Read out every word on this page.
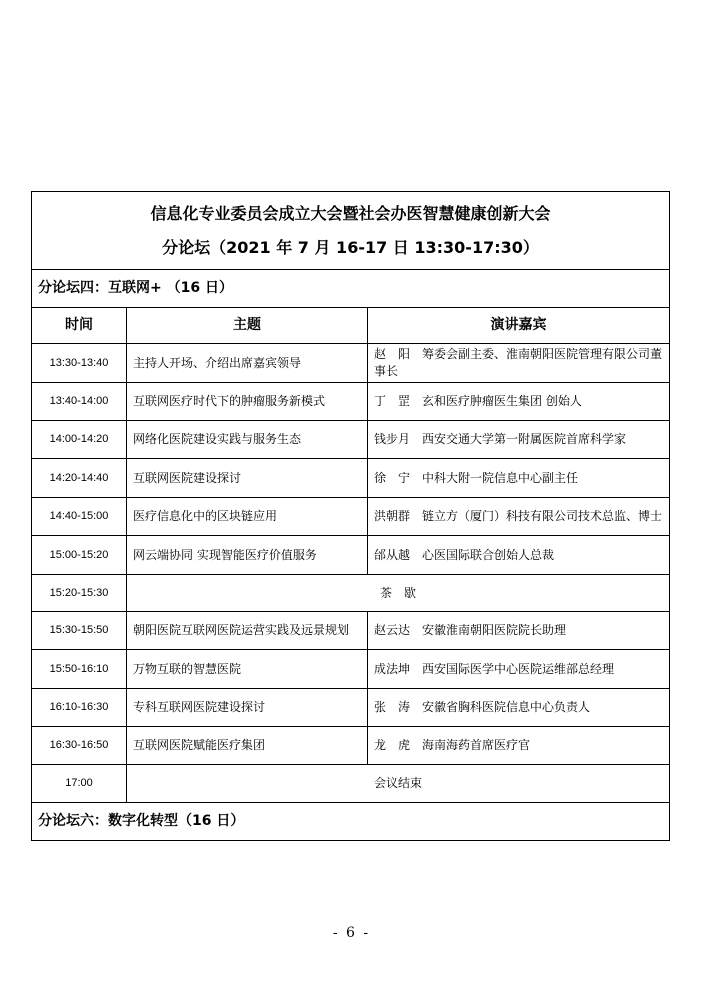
信息化专业委员会成立大会暨社会办医智慧健康创新大会
分论坛（2021 年 7 月 16-17 日 13:30-17:30）		

分论坛四：互联网+ （16 日）		
时间	主题	演讲嘉宾
13:30-13:40	主持人开场、介绍出席嘉宾领导	赵　阳　筹委会副主委、淮南朝阳医院管理有限公司董事长
13:40-14:00	互联网医疗时代下的肿瘤服务新模式	丁　罡　玄和医疗肿瘤医生集团 创始人
14:00-14:20	网络化医院建设实践与服务生态	钱步月　西安交通大学第一附属医院首席科学家
14:20-14:40	互联网医院建设探讨	徐　宁　中科大附一院信息中心副主任
14:40-15:00	医疗信息化中的区块链应用	洪朝群　链立方（厦门）科技有限公司技术总监、博士
15:00-15:20	网云端协同 实现智能医疗价值服务	邰从越　心医国际联合创始人总裁
15:20-15:30	茶　歇	
15:30-15:50	朝阳医院互联网医院运营实践及远景规划	赵云达　安徽淮南朝阳医院院长助理
15:50-16:10	万物互联的智慧医院	成法坤　西安国际医学中心医院运维部总经理
16:10-16:30	专科互联网医院建设探讨	张　涛　安徽省胸科医院信息中心负责人
16:30-16:50	互联网医院赋能医疗集团	龙　虎　海南海药首席医疗官
17:00	会议结束	
分论坛六：数字化转型（16 日）		
- 6 -
